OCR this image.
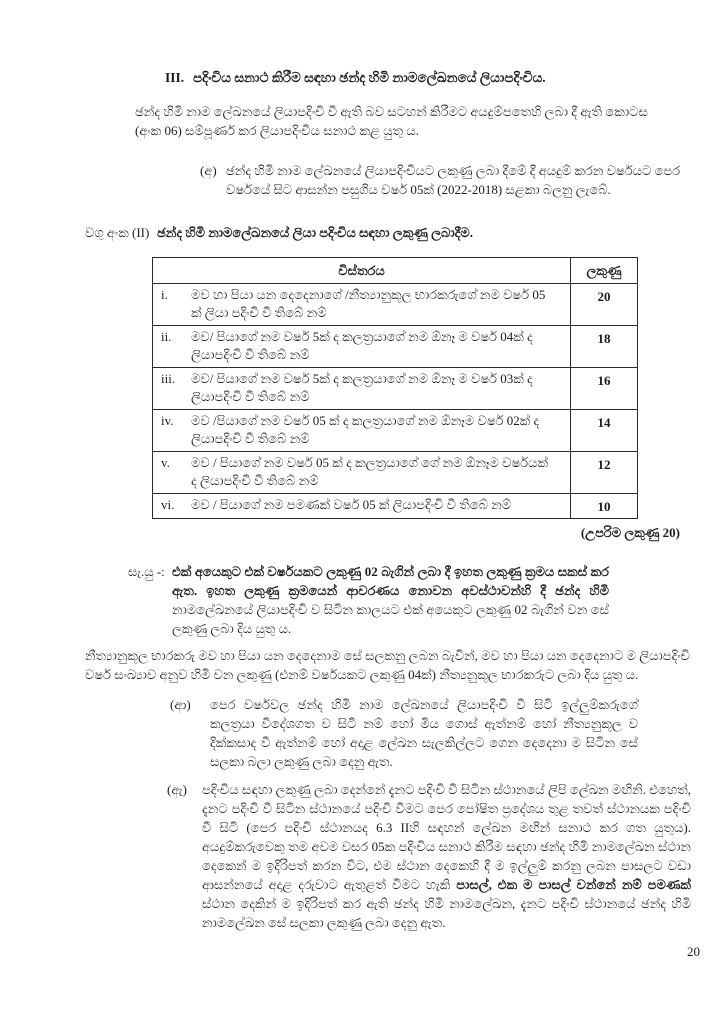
III. පදිංචිය සනාථ කිරීම සඳහා ඡන්ද හිමි නාමලේඛනයේ ලියාපදිංචිය.

ඡන්ද හිමි නාම ලේඛනයේ ලියාපදිංචි වී ඇති බව සටහන් කිරීමට අයදුම්පතෙහි ලබා දී ඇති කොටස (අංක 06) සම්පූර්ණ කර ලියාපදිංචිය සනාථ කළ යුතු ය.

(අ) ඡන්ද හිමි නාම ලේඛනයේ ලියාපදිංචියට ලකුණු ලබා දීමේ දී අයදුම් කරන වර්ෂයට පෙර වර්ෂයේ සිට ආසන්න පසුගිය වර්ෂ 05ක් (2022-2018) සළකා බලනු ලැබේ.
වගු අංක (II) ඡන්ද හිමි නාමලේඛනයේ ලියා පදිංචිය සඳහා ලකුණු ලබාදීම.
විස්තරය	ලකුණු
i. මව හා පියා යන දෙදෙනාගේ /නීත්‍යානුකූල භාරකරුගේ නම වර්ෂ 05 ක් ලියා පදිංචි වී තිබේ නම්	20
ii. මව/ පියාගේ නම වර්ෂ 5ක් ද කලත්‍රයාගේ නම ඕනෑ ම වර්ෂ 04ක් ද ලියාපදිංචි වී තිබේ නම්	18
iii. මව/ පියාගේ නම වර්ෂ 5ක් ද කලත්‍රයාගේ නම ඕනෑ ම වර්ෂ 03ක් ද ලියාපදිංචි වී තිබේ නම්	16
iv. මව /පියාගේ නම වර්ෂ 05 ක් ද කලත්‍රයාගේ නම ඕනෑම වර්ෂ 02ක් ද ලියාපදිංචි වී තිබේ නම්	14
v. මව / පියාගේ නම වර්ෂ 05 ක් ද කලත්‍රයාගේ ගේ නම ඕනෑම වර්ෂයක් ද ලියාපදිංචි වී තිබේ නම්	12
vi. මව / පියාගේ නම පමණක් වර්ෂ 05 ක් ලියාපදිංචි වී තිබේ නම්	10
(උපරිම ලකුණු 20)
සැ.යු -: එක් අයෙකුට එක් වර්ෂයකට ලකුණු 02 බැගින් ලබා දී ඉහත ලකුණු ක්‍රමය සකස් කර ඇත. ඉහත ලකුණු ක්‍රමයෙන් ආවරණය නොවන අවස්ථාවන්හි දී ඡන්ද හිමි නාමලේඛනයේ ලියාපදිංචි ව සිටින කාලයට එක් අයෙකුට ලකුණු 02 බැගින් වන සේ ලකුණු ලබා දිය යුතු ය.

නීත්‍යානුකූල භාරකරු මව හා පියා යන දෙදෙනාම සේ සලකනු ලබන බැවින්, මව හා පියා යන දෙදෙනාට ම ලියාපදිංචි වර්ෂ සංඛ්‍යාව අනුව හිමි වන ලකුණු (එනම් වර්ෂයකට ලකුණු 04ක්) නීත්‍යනුකූල භාරකරුට ලබා දිය යුතු ය.

(ආ)	පෙර වර්ෂවල ඡන්ද හිමි නාම ලේඛනයේ ලියාපදිංචි වී සිටි ඉල්ලුම්කරුගේ කලත්‍රයා විදේශගත ව සිටී නම් හෝ මිය ගොස් ඇත්නම් හෝ නීත්‍යනුකූල ව දික්කසාද වී ඇත්නම් හෝ අදාළ ලේඛන සැලකිල්ලට ගෙන දෙදෙනා ම සිටින සේ සලකා බලා ලකුණු ලබා දෙනු ඇත.
(ඇ)	පදිංචිය සඳහා ලකුණු ලබා දෙන්නේ දැනට පදිංචි වී සිටින ස්ථානයේ ලිපි ලේඛන මඟිනි. එහෙත්, දැනට පදිංචි වී සිටින ස්ථානයේ පදිංචි වීමට පෙර පෝෂිත ප්‍රදේශය තුළ තවත් ස්ථානයක පදිංචි වී සිටි (පෙර පදිංචි ස්ථානයද 6.3 IIහි සඳහන් ලේඛන මඟින් සනාථ කර ගත යුතුය). අයදුම්කරුවෙකු තම අවම වසර 05ක පදිංචිය සනාථ කිරීම සඳහා ඡන්ද හිමි නාමලේඛන ස්ථාන දෙකෙන් ම ඉදිරිපත් කරන විට, එම ස්ථාන දෙකෙහි දී ම ඉල්ලුම් කරනු ලබන පාසලට වඩා ආසන්නයේ අදාළ දරුවාට ඇතුළත් වීමට හැකි පාසල්, එක ම පාසල් වන්නේ නම් පමණක් ස්ථාන දෙකින් ම ඉදිරිපත් කර ඇති ඡන්ද හිමි නාමලේඛන, දැනට පදිංචි ස්ථානයේ ඡන්ද හිමි නාමලේඛන සේ සලකා ලකුණු ලබා දෙනු ඇත.
20
